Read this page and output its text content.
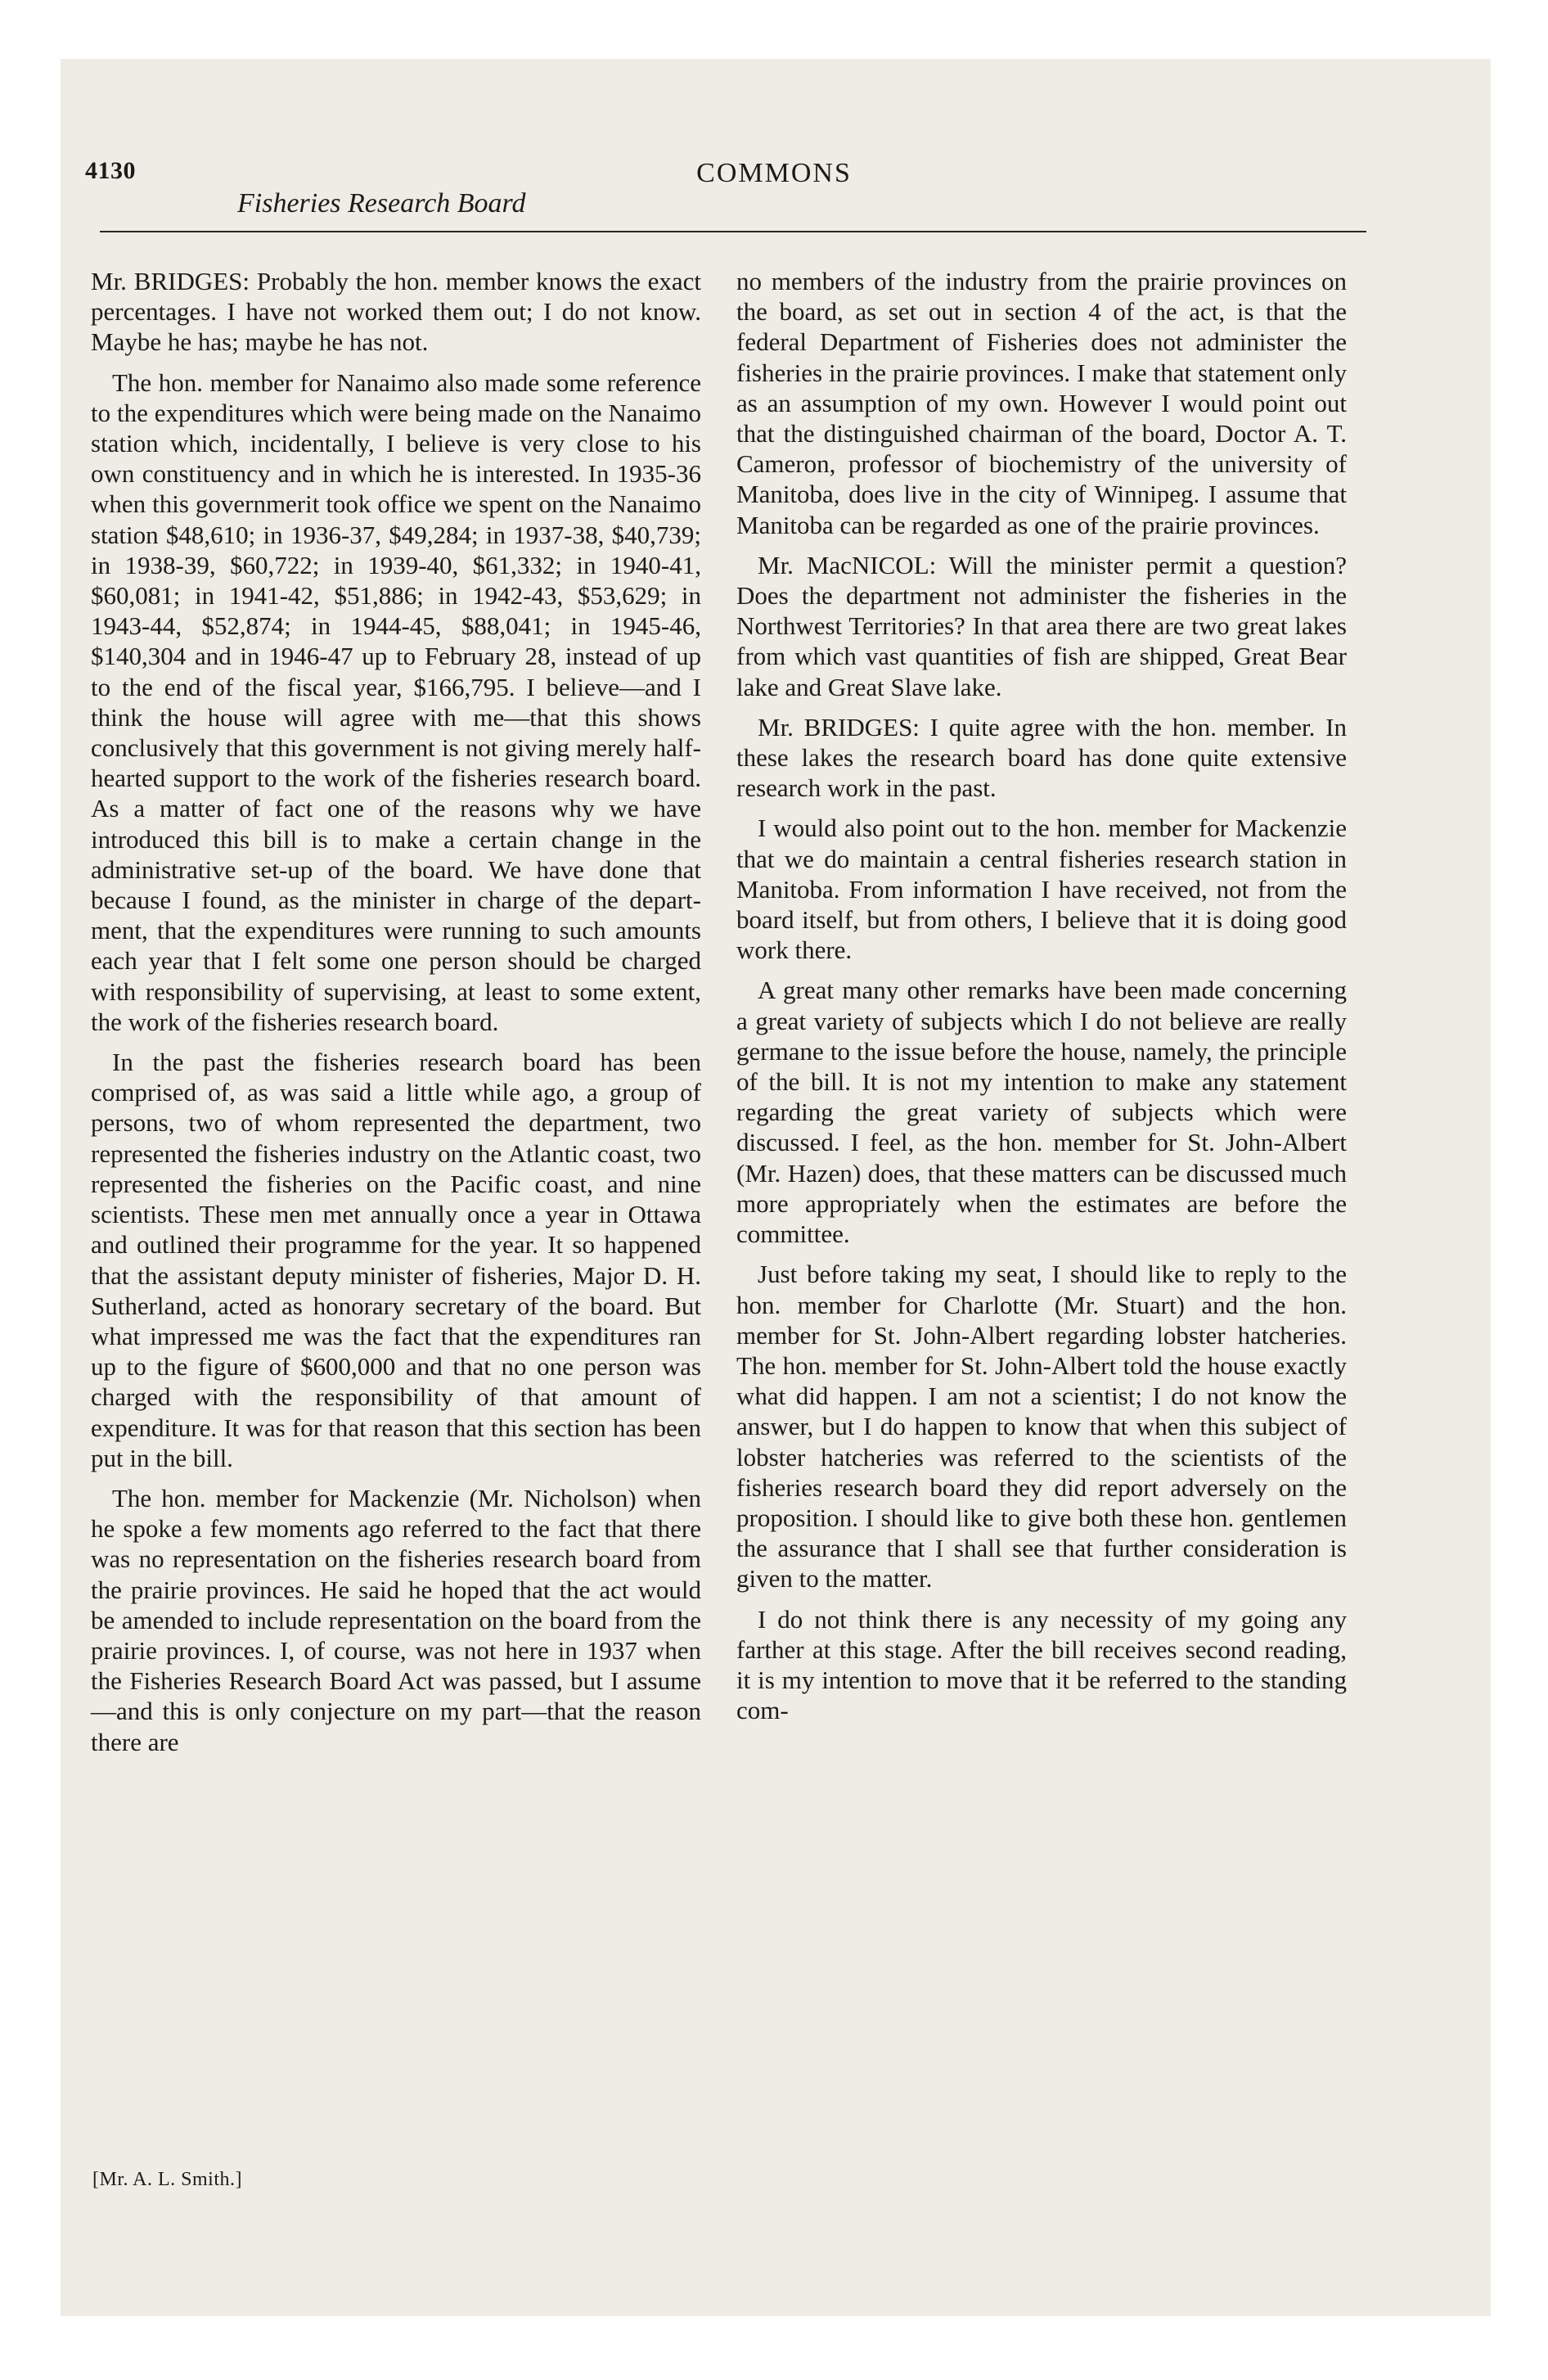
4130	COMMONS
Fisheries Research Board

Mr. BRIDGES: Probably the hon. member knows the exact percentages. I have not worked them out; I do not know. Maybe he has; maybe he has not.

The hon. member for Nanaimo also made some reference to the expenditures which were being made on the Nanaimo station which, incidentally, I believe is very close to his own constituency and in which he is interested. In 1935-36 when this governmerit took office we spent on the Nanaimo station $48,610; in 1936-37, $49,284; in 1937-38, $40,739; in 1938-39, $60,722; in 1939-40, $61,332; in 1940-41, $60,081; in 1941-42, $51,886; in 1942-43, $53,629; in 1943-44, $52,874; in 1944-45, $88,041; in 1945-46, $140,304 and in 1946-47 up to February 28, instead of up to the end of the fiscal year, $166,795. I believe—and I think the house will agree with me—that this shows conclusively that this government is not giving merely half-hearted support to the work of the fisheries research board. As a matter of fact one of the reasons why we have introduced this bill is to make a certain change in the administrative set-up of the board. We have done that because I found, as the minister in charge of the department, that the expenditures were running to such amounts each year that I felt some one person should be charged with responsibility of supervising, at least to some extent, the work of the fisheries research board.

In the past the fisheries research board has been comprised of, as was said a little while ago, a group of persons, two of whom represented the department, two represented the fisheries industry on the Atlantic coast, two represented the fisheries on the Pacific coast, and nine scientists. These men met annually once a year in Ottawa and outlined their programme for the year. It so happened that the assistant deputy minister of fisheries, Major D. H. Sutherland, acted as honorary secretary of the board. But what impressed me was the fact that the expenditures ran up to the figure of $600,000 and that no one person was charged with the responsibility of that amount of expenditure. It was for that reason that this section has been put in the bill.

The hon. member for Mackenzie (Mr. Nicholson) when he spoke a few moments ago referred to the fact that there was no representation on the fisheries research board from the prairie provinces. He said he hoped that the act would be amended to include representation on the board from the prairie provinces. I, of course, was not here in 1937 when the Fisheries Research Board Act was passed, but I assume—and this is only conjecture on my part—that the reason there are

no members of the industry from the prairie provinces on the board, as set out in section 4 of the act, is that the federal Department of Fisheries does not administer the fisheries in the prairie provinces. I make that statement only as an assumption of my own. However I would point out that the distinguished chairman of the board, Doctor A. T. Cameron, professor of biochemistry of the university of Manitoba, does live in the city of Winnipeg. I assume that Manitoba can be regarded as one of the prairie provinces.

Mr. MacNICOL: Will the minister permit a question? Does the department not administer the fisheries in the Northwest Territories? In that area there are two great lakes from which vast quantities of fish are shipped, Great Bear lake and Great Slave lake.

Mr. BRIDGES: I quite agree with the hon. member. In these lakes the research board has done quite extensive research work in the past.

I would also point out to the hon. member for Mackenzie that we do maintain a central fisheries research station in Manitoba. From information I have received, not from the board itself, but from others, I believe that it is doing good work there.

A great many other remarks have been made concerning a great variety of subjects which I do not believe are really germane to the issue before the house, namely, the principle of the bill. It is not my intention to make any statement regarding the great variety of subjects which were discussed. I feel, as the hon. member for St. John-Albert (Mr. Hazen) does, that these matters can be discussed much more appropriately when the estimates are before the committee.

Just before taking my seat, I should like to reply to the hon. member for Charlotte (Mr. Stuart) and the hon. member for St. John-Albert regarding lobster hatcheries. The hon. member for St. John-Albert told the house exactly what did happen. I am not a scientist; I do not know the answer, but I do happen to know that when this subject of lobster hatcheries was referred to the scientists of the fisheries research board they did report adversely on the proposition. I should like to give both these hon. gentlemen the assurance that I shall see that further consideration is given to the matter.

I do not think there is any necessity of my going any farther at this stage. After the bill receives second reading, it is my intention to move that it be referred to the standing com-

[Mr. A. L. Smith.]
